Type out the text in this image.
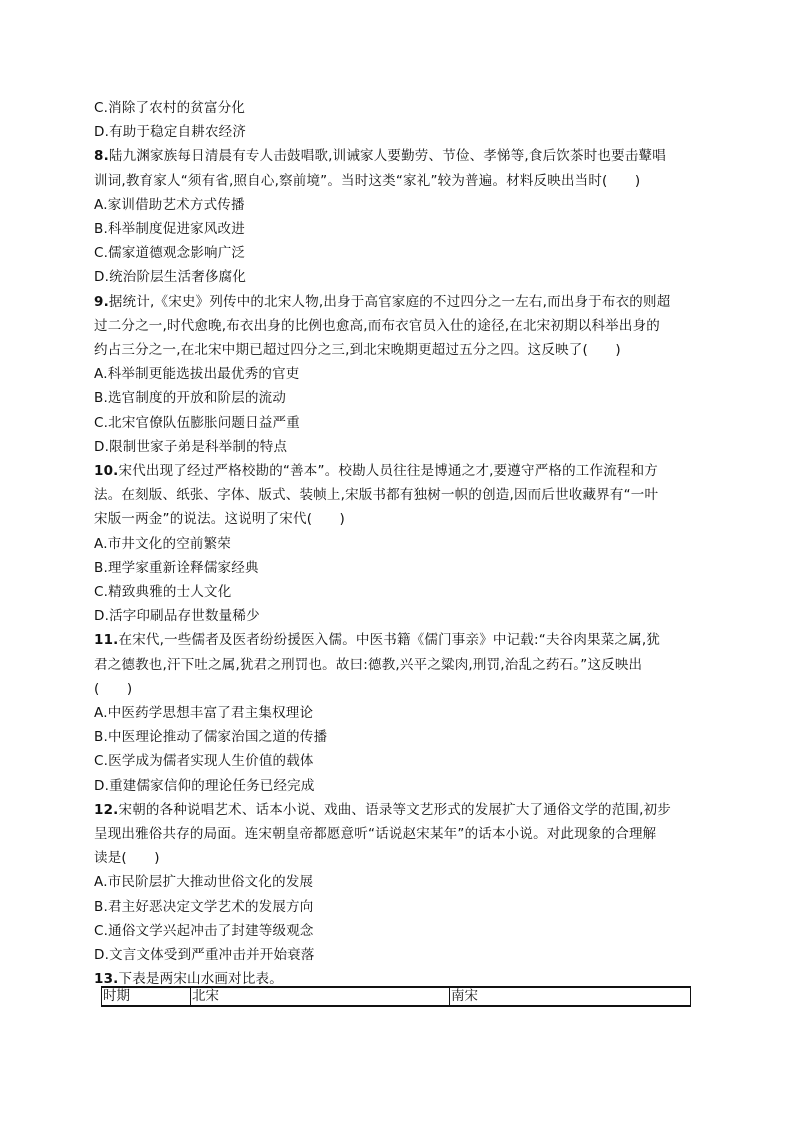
C.消除了农村的贫富分化
D.有助于稳定自耕农经济
8.陆九渊家族每日清晨有专人击鼓唱歌,训诫家人要勤劳、节俭、孝悌等,食后饮茶时也要击鼙唱
训词,教育家人“须有省,照自心,察前境”。当时这类“家礼”较为普遍。材料反映出当时(　　)
A.家训借助艺术方式传播
B.科举制度促进家风改进
C.儒家道德观念影响广泛
D.统治阶层生活奢侈腐化
9.据统计,《宋史》列传中的北宋人物,出身于高官家庭的不过四分之一左右,而出身于布衣的则超
过二分之一,时代愈晚,布衣出身的比例也愈高,而布衣官员入仕的途径,在北宋初期以科举出身的
约占三分之一,在北宋中期已超过四分之三,到北宋晚期更超过五分之四。这反映了(　　)
A.科举制更能选拔出最优秀的官吏
B.选官制度的开放和阶层的流动
C.北宋官僚队伍膨胀问题日益严重
D.限制世家子弟是科举制的特点
10.宋代出现了经过严格校勘的“善本”。校勘人员往往是博通之才,要遵守严格的工作流程和方
法。在刻版、纸张、字体、版式、装帧上,宋版书都有独树一帜的创造,因而后世收藏界有“一叶
宋版一两金”的说法。这说明了宋代(　　)
A.市井文化的空前繁荣
B.理学家重新诠释儒家经典
C.精致典雅的士人文化
D.活字印刷品存世数量稀少
11.在宋代,一些儒者及医者纷纷援医入儒。中医书籍《儒门事亲》中记载:“夫谷肉果菜之属,犹
君之德教也,汗下吐之属,犹君之刑罚也。故曰:德教,兴平之粱肉,刑罚,治乱之药石。”这反映出
(　　)
A.中医药学思想丰富了君主集权理论
B.中医理论推动了儒家治国之道的传播
C.医学成为儒者实现人生价值的载体
D.重建儒家信仰的理论任务已经完成
12.宋朝的各种说唱艺术、话本小说、戏曲、语录等文艺形式的发展扩大了通俗文学的范围,初步
呈现出雅俗共存的局面。连宋朝皇帝都愿意听“话说赵宋某年”的话本小说。对此现象的合理解
读是(　　)
A.市民阶层扩大推动世俗文化的发展
B.君主好恶决定文学艺术的发展方向
C.通俗文学兴起冲击了封建等级观念
D.文言文体受到严重冲击并开始衰落
13.下表是两宋山水画对比表。
时期	北宋	南宋
